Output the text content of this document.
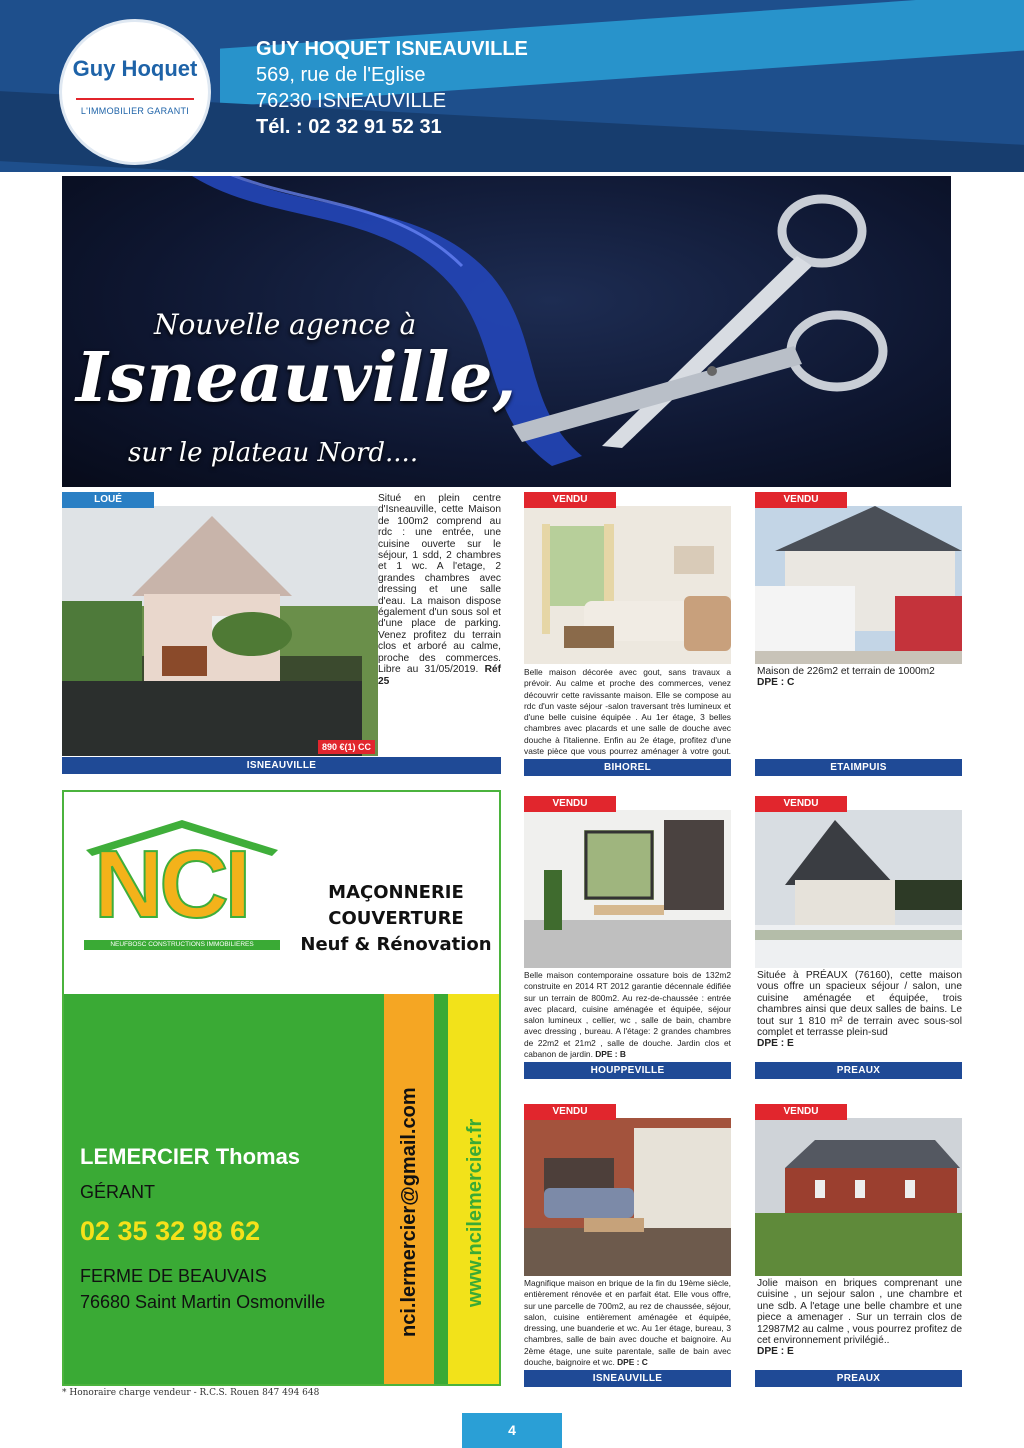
Guy Hoquet
L'IMMOBILIER GARANTI
GUY HOQUET ISNEAUVILLE
569, rue de l'Eglise
76230 ISNEAUVILLE
Tél. : 02 32 91 52 31
Nouvelle agence à
Isneauville,
sur le plateau Nord....
LOUÉ
890 €(1) CC
Situé en plein centre d'Isneauville, cette Maison de 100m2 comprend au rdc : une entrée, une cuisine ouverte sur le séjour, 1 sdd, 2 chambres et 1 wc. A l'etage, 2 grandes chambres avec dressing et une salle d'eau. La maison dispose également d'un sous sol et d'une place de parking. Venez profitez du terrain clos et arboré au calme, proche des commerces. Libre au 31/05/2019. Réf 25
ISNEAUVILLE
VENDU
Belle maison décorée avec gout, sans travaux a prévoir. Au calme et proche des commerces, venez découvrir cette ravissante maison. Elle se compose au rdc d'un vaste séjour -salon traversant très lumineux et d'une belle cuisine équipée . Au 1er étage, 3 belles chambres avec placards et une salle de douche avec douche à l'italienne. Enfin au 2e étage, profitez d'une vaste pièce que vous pourrez aménager à votre gout.
BIHOREL
VENDU
Maison de 226m2 et terrain de 1000m2
DPE : C
ETAIMPUIS
VENDU
Belle maison contemporaine ossature bois de 132m2 construite en 2014 RT 2012 garantie décennale édifiée sur un terrain de 800m2. Au rez-de-chaussée : entrée avec placard, cuisine aménagée et équipée, séjour salon lumineux , cellier, wc , salle de bain, chambre avec dressing , bureau. A l'étage: 2 grandes chambres de 22m2 et 21m2 , salle de douche. Jardin clos et cabanon de jardin. DPE : B
HOUPPEVILLE
VENDU
Située à PRÉAUX (76160), cette maison vous offre un spacieux séjour / salon, une cuisine aménagée et équipée, trois chambres ainsi que deux salles de bains. Le tout sur 1 810 m² de terrain avec sous-sol complet et terrasse plein-sud
DPE : E
PREAUX
VENDU
Magnifique maison en brique de la fin du 19ème siècle, entièrement rénovée et en parfait état. Elle vous offre, sur une parcelle de 700m2, au rez de chaussée, séjour, salon, cuisine entièrement aménagée et équipée, dressing, une buanderie et wc. Au 1er étage, bureau, 3 chambres, salle de bain avec douche et baignoire. Au 2ème étage, une suite parentale, salle de bain avec douche, baignoire et wc. DPE : C
ISNEAUVILLE
VENDU
Jolie maison en briques comprenant une cuisine , un sejour salon , une chambre et une sdb. A l'etage une belle chambre et une piece a amenager . Sur un terrain clos de 12987M2 au calme , vous pourrez profitez de cet environnement privilégié..
DPE : E
PREAUX
NCI
NEUFBOSC CONSTRUCTIONS IMMOBILIERES
MAÇONNERIE
COUVERTURE
Neuf & Rénovation
LEMERCIER Thomas
GÉRANT
02 35 32 98 62
FERME DE BEAUVAIS
76680 Saint Martin Osmonville	nci.lermercier@gmail.com www.ncilemercier.fr
* Honoraire charge vendeur - R.C.S. Rouen 847 494 648
4
